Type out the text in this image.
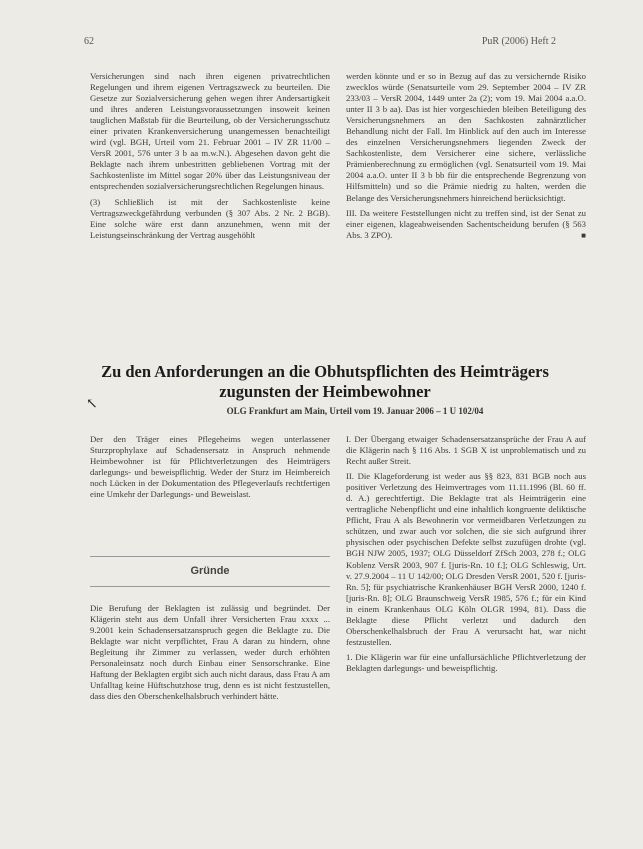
62	PuR (2006) Heft 2

Versicherungen sind nach ihren eigenen privatrechtlichen Regelungen und ihrem eigenen Vertragszweck zu beurteilen. Die Gesetze zur Sozialversicherung gehen wegen ihrer Andersartigkeit und ihres anderen Leistungsvoraussetzungen insoweit keinen tauglichen Maßstab für die Beurteilung, ob der Versicherungsschutz einer privaten Krankenversicherung unangemessen benachteiligt wird (vgl. BGH, Urteil vom 21. Februar 2001 – IV ZR 11/00 – VersR 2001, 576 unter 3 b aa m.w.N.). Abgesehen davon geht die Beklagte nach ihrem unbestritten gebliebenen Vortrag mit der Sachkostenliste im Mittel sogar 20% über das Leistungsniveau der entsprechenden sozialversicherungsrechtlichen Regelungen hinaus.

(3) Schließlich ist mit der Sachkostenliste keine Vertragszweckgefährdung verbunden (§ 307 Abs. 2 Nr. 2 BGB). Eine solche wäre erst dann anzunehmen, wenn mit der Leistungseinschränkung der Vertrag ausgehöhlt

werden könnte und er so in Bezug auf das zu versichernde Risiko zwecklos würde (Senatsurteile vom 29. September 2004 – IV ZR 233/03 – VersR 2004, 1449 unter 2a (2); vom 19. Mai 2004 a.a.O. unter II 3 b aa). Das ist hier vorgeschieden bleiben Beteiligung des Versicherungsnehmers an den Sachkosten zahnärztlicher Behandlung nicht der Fall. Im Hinblick auf den auch im Interesse des einzelnen Versicherungsnehmers liegenden Zweck der Sachkostenliste, dem Versicherer eine sichere, verlässliche Prämienberechnung zu ermöglichen (vgl. Senatsurteil vom 19. Mai 2004 a.a.O. unter II 3 b bb für die entsprechende Begrenzung von Hilfsmitteln) und so die Prämie niedrig zu halten, werden die Belange des Versicherungsnehmers hinreichend berücksichtigt.

III. Da weitere Feststellungen nicht zu treffen sind, ist der Senat zu einer eigenen, klageabweisenden Sachentscheidung berufen (§ 563 Abs. 3 ZPO).	■

Zu den Anforderungen an die Obhutspflichten des Heimträgers zugunsten der Heimbewohner
↖	OLG Frankfurt am Main, Urteil vom 19. Januar 2006 – 1 U 102/04

Der den Träger eines Pflegeheims wegen unterlassener Sturzprophylaxe auf Schadensersatz in Anspruch nehmende Heimbewohner ist für Pflichtverletzungen des Heimträgers darlegungs- und beweispflichtig. Weder der Sturz im Heimbereich noch Lücken in der Dokumentation des Pflegeverlaufs rechtfertigen eine Umkehr der Darlegungs- und Beweislast.

Gründe

Die Berufung der Beklagten ist zulässig und begründet. Der Klägerin steht aus dem Unfall ihrer Versicherten Frau xxxx ... 9.2001 kein Schadensersatzanspruch gegen die Beklagte zu. Die Beklagte war nicht verpflichtet, Frau A daran zu hindern, ohne Begleitung ihr Zimmer zu verlassen, weder durch erhöhten Personaleinsatz noch durch Einbau einer Sensorschranke. Eine Haftung der Beklagten ergibt sich auch nicht daraus, dass Frau A am Unfalltag keine Hüftschutzhose trug, denn es ist nicht festzustellen, dass dies den Oberschenkelhalsbruch verhindert hätte.

I. Der Übergang etwaiger Schadensersatzansprüche der Frau A auf die Klägerin nach § 116 Abs. 1 SGB X ist unproblematisch und zu Recht außer Streit.

II. Die Klageforderung ist weder aus §§ 823, 831 BGB noch aus positiver Verletzung des Heimvertrages vom 11.11.1996 (Bl. 60 ff. d. A.) gerechtfertigt. Die Beklagte trat als Heimträgerin eine vertragliche Nebenpflicht und eine inhaltlich kongruente deliktische Pflicht, Frau A als Bewohnerin vor vermeidbaren Verletzungen zu schützen, und zwar auch vor solchen, die sie sich aufgrund ihrer physischen oder psychischen Defekte selbst zuzufügen drohte (vgl. BGH NJW 2005, 1937; OLG Düsseldorf ZfSch 2003, 278 f.; OLG Koblenz VersR 2003, 907 f. [juris-Rn. 10 f.]; OLG Schleswig, Urt. v. 27.9.2004 – 11 U 142/00; OLG Dresden VersR 2001, 520 f. [juris-Rn. 5]; für psychiatrische Krankenhäuser BGH VersR 2000, 1240 f. [juris-Rn. 8]; OLG Braunschweig VersR 1985, 576 f.; für ein Kind in einem Krankenhaus OLG Köln OLGR 1994, 81). Dass die Beklagte diese Pflicht verletzt und dadurch den Oberschenkelhalsbruch der Frau A verursacht hat, war nicht festzustellen.

1. Die Klägerin war für eine unfallursächliche Pflichtverletzung der Beklagten darlegungs- und beweispflichtig.
